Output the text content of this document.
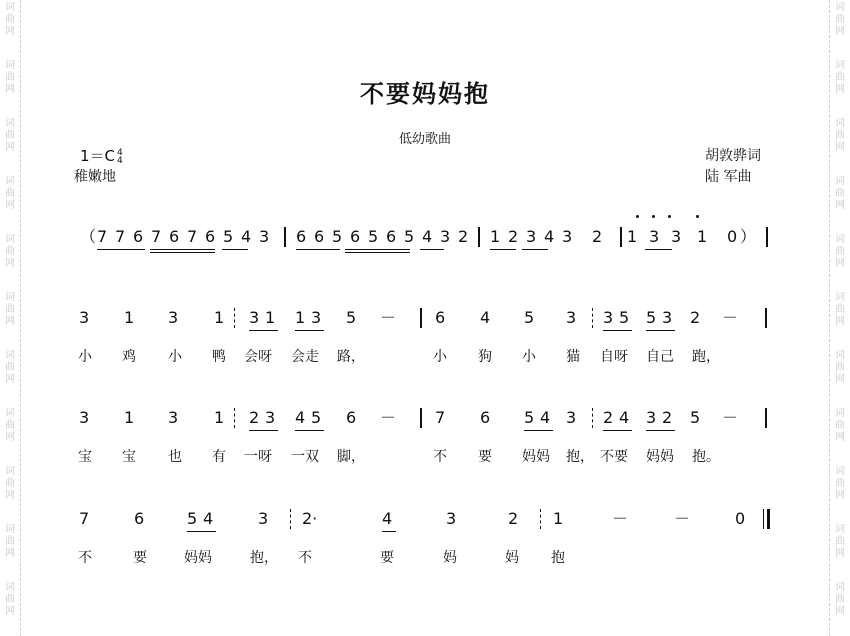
词
曲
网
词
曲
网
词
曲
网
词
曲
网
词
曲
网
词
曲
网
词
曲
网
词
曲
网
词
曲
网
词
曲
网
词
曲
网
词
曲
网
词
曲
网
词
曲
网
词
曲
网
词
曲
网
词
曲
网
词
曲
网
词
曲
网
词
曲
网
词
曲
网
词
曲
网
不要妈妈抱
低幼歌曲
1＝C 4
4
稚嫩地
胡敦骅词
陆 军曲
（	）
7 7 6 7 6 7 6 5 4 3 6 6 5 6 5 6 5 4 3 2 1 2 3 4 3 2 1 3 3 1 0
3 1 3 1 3 1 1 3 5 － 6 4 5 3 3 5 5 3 2 －
小 鸡 小 鸭 会呀 会走 路，	小 狗 小 猫 自呀 自己 跑，
3 1 3 1 2 3 4 5 6 － 7 6 5 4 3 2 4 3 2 5 －
宝 宝 也 有 一呀 一双 脚，	不 要 妈妈 抱， 不要 妈妈 抱。
7	6	5 4	3 2·	4	3	2 1	－	－	0
不	要	妈妈	抱， 不	要	妈	妈 抱
